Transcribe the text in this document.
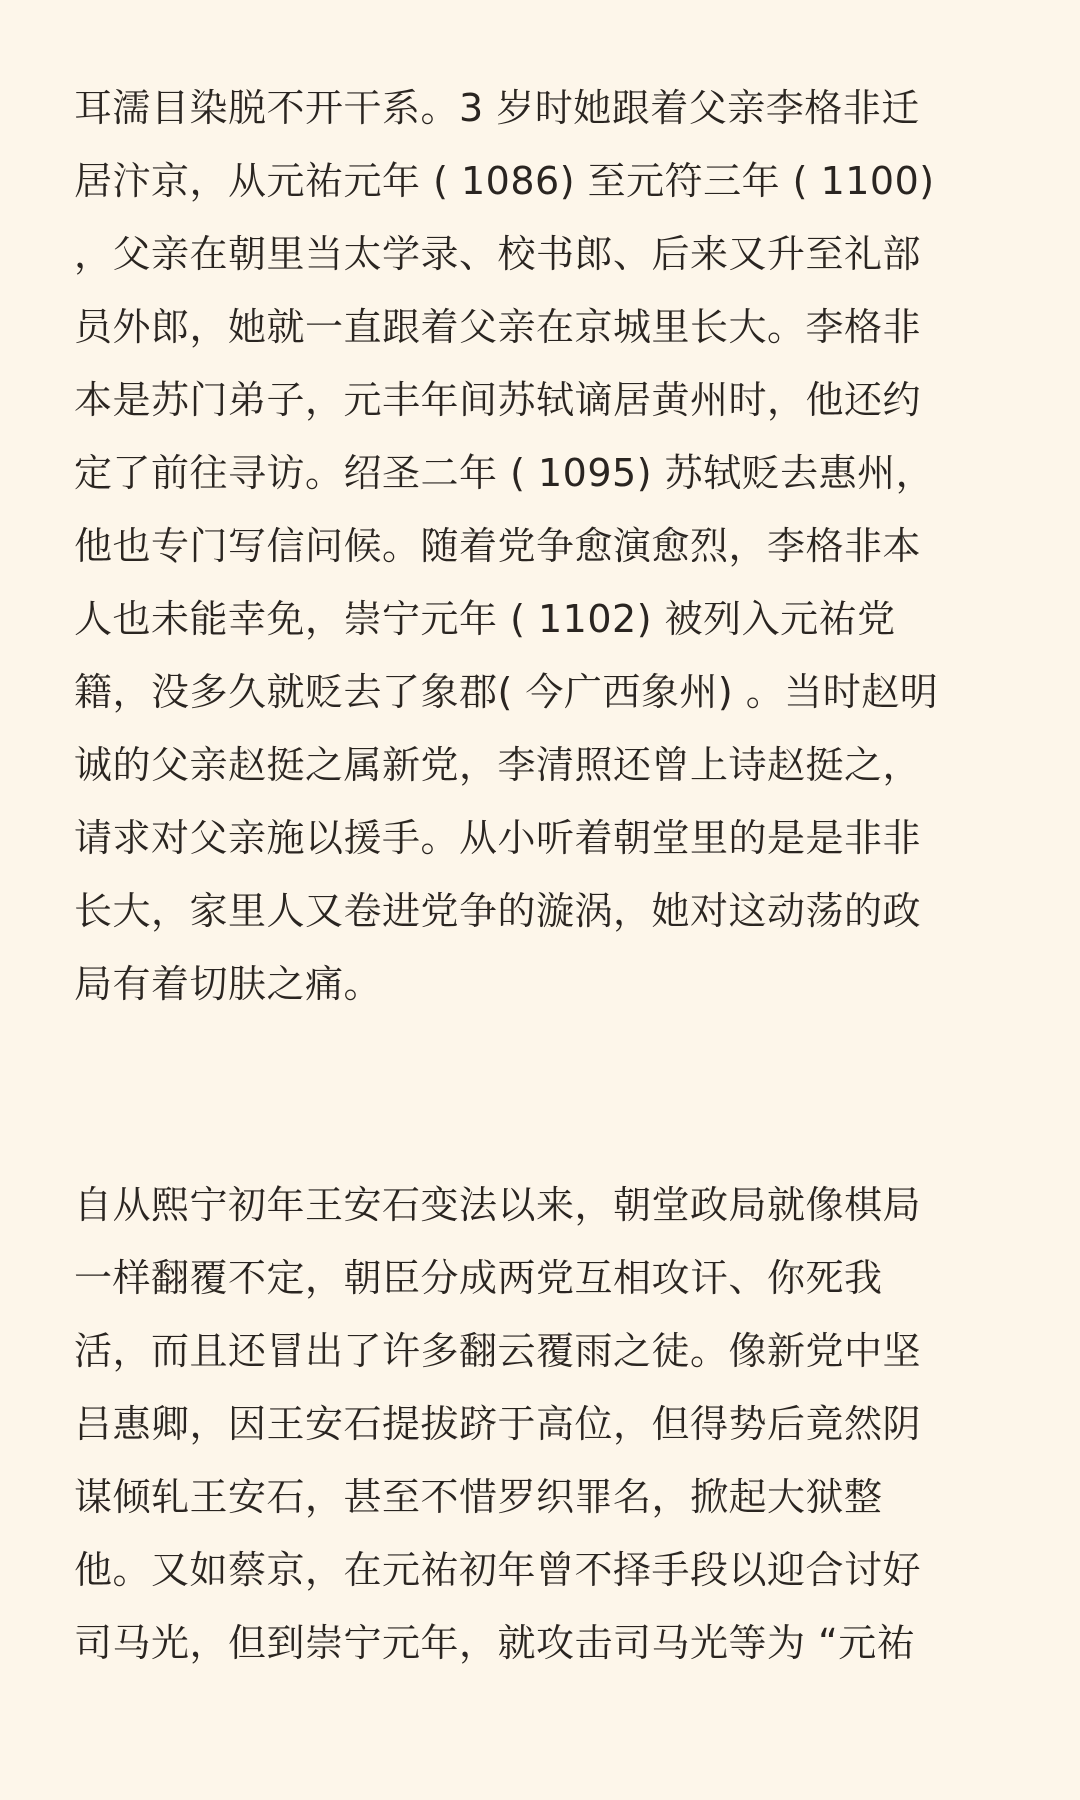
耳濡目染脱不开干系。3 岁时她跟着父亲李格非迁
居汴京，从元祐元年 ( 1086) 至元符三年 ( 1100)
，父亲在朝里当太学录、校书郎、后来又升至礼部
员外郎，她就一直跟着父亲在京城里长大。李格非
本是苏门弟子，元丰年间苏轼谪居黄州时，他还约
定了前往寻访。绍圣二年 ( 1095) 苏轼贬去惠州，
他也专门写信问候。随着党争愈演愈烈，李格非本
人也未能幸免，崇宁元年 ( 1102) 被列入元祐党
籍，没多久就贬去了象郡( 今广西象州) 。当时赵明
诚的父亲赵挺之属新党，李清照还曾上诗赵挺之，
请求对父亲施以援手。从小听着朝堂里的是是非非
长大，家里人又卷进党争的漩涡，她对这动荡的政
局有着切肤之痛。
自从熙宁初年王安石变法以来，朝堂政局就像棋局
一样翻覆不定，朝臣分成两党互相攻讦、你死我
活，而且还冒出了许多翻云覆雨之徒。像新党中坚
吕惠卿，因王安石提拔跻于高位，但得势后竟然阴
谋倾轧王安石，甚至不惜罗织罪名，掀起大狱整
他。又如蔡京，在元祐初年曾不择手段以迎合讨好
司马光，但到崇宁元年，就攻击司马光等为 “元祐
